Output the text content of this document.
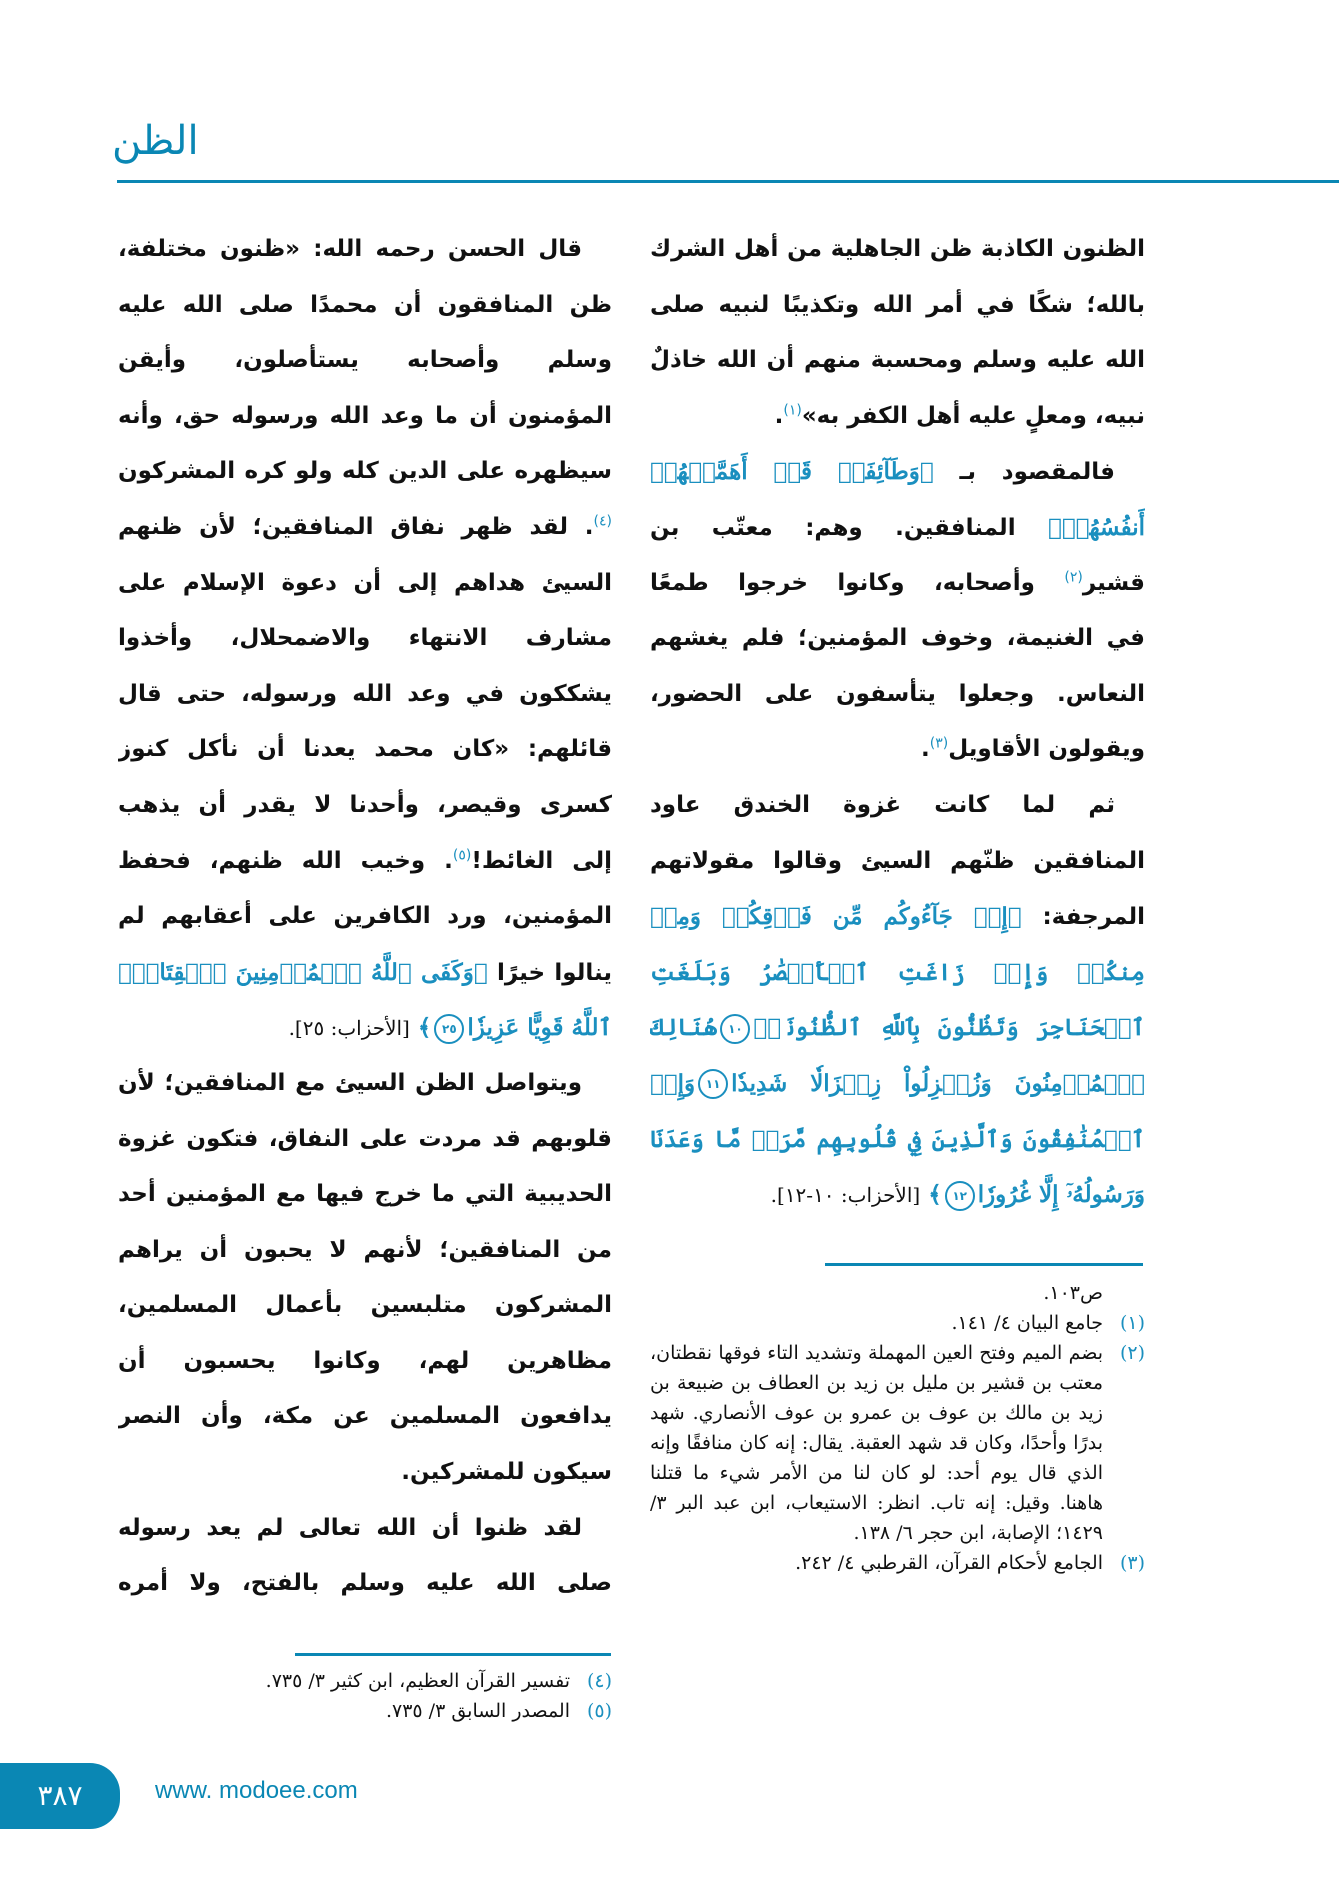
الظن
الظنون الكاذبة ظن الجاهلية من أهل الشرك
بالله؛ شكًا في أمر الله وتكذيبًا لنبيه صلى
الله عليه وسلم ومحسبة منهم أن الله خاذلٌ
نبيه، ومعلٍ عليه أهل الكفر به»$^{(١)}$.
فالمقصود بـ ﴿وَطَآئِفَةٞ قَدۡ أَهَمَّتۡهُمۡ
أَنفُسُهُمۡ﴾ المنافقين. وهم: معتّب بن
قشير$^{(٢)}$ وأصحابه، وكانوا خرجوا طمعًا
في الغنيمة، وخوف المؤمنين؛ فلم يغشهم
النعاس. وجعلوا يتأسفون على الحضور،
ويقولون الأقاويل$^{(٣)}$.
ثم لما كانت غزوة الخندق عاود
المنافقين ظنّهم السيئ وقالوا مقولاتهم
المرجفة: ﴿إِذۡ جَآءُوكُم مِّن فَوۡقِكُمۡ وَمِنۡ
مِنكُمۡ وَإِذۡ زَاغَتِ ٱلۡأَبۡصَٰرُ وَبَلَغَتِ
ٱلۡحَنَاجِرَ وَتَظُنُّونَ بِٱللَّهِ ٱلظُّنُونَا۠١٠هُنَالِكَ
ٱلۡمُؤۡمِنُونَ وَزُلۡزِلُواْ زِلۡزَالٗا شَدِيدٗا١١وَإِذۡ
ٱلۡمُنَٰفِقُونَ وَٱلَّذِينَ فِي قُلُوبِهِم مَّرَضٞ مَّا وَعَدَنَا
وَرَسُولُهُۥٓ إِلَّا غُرُورٗا١٢﴾ [الأحزاب: ١٠-١٢].
قال الحسن رحمه الله: «ظنون مختلفة،
ظن المنافقون أن محمدًا صلى الله عليه
وسلم وأصحابه يستأصلون، وأيقن
المؤمنون أن ما وعد الله ورسوله حق، وأنه
سيظهره على الدين كله ولو كره المشركون
$^{(٤)}$. لقد ظهر نفاق المنافقين؛ لأن ظنهم
السيئ هداهم إلى أن دعوة الإسلام على
مشارف الانتهاء والاضمحلال، وأخذوا
يشككون في وعد الله ورسوله، حتى قال
قائلهم: «كان محمد يعدنا أن نأكل كنوز
كسرى وقيصر، وأحدنا لا يقدر أن يذهب
إلى الغائط!$^{(٥)}$. وخيب الله ظنهم، فحفظ
المؤمنين، ورد الكافرين على أعقابهم لم
ينالوا خيرًا ﴿وَكَفَى ٱللَّهُ ٱلۡمُؤۡمِنِينَ ٱلۡقِتَالَۚ
ٱللَّهُ قَوِيًّا عَزِيزٗا٢٥﴾ [الأحزاب: ٢٥].
ويتواصل الظن السيئ مع المنافقين؛ لأن
قلوبهم قد مردت على النفاق، فتكون غزوة
الحديبية التي ما خرج فيها مع المؤمنين أحد
من المنافقين؛ لأنهم لا يحبون أن يراهم
المشركون متلبسين بأعمال المسلمين،
مظاهرين لهم، وكانوا يحسبون أن
يدافعون المسلمين عن مكة، وأن النصر
سيكون للمشركين.
لقد ظنوا أن الله تعالى لم يعد رسوله
صلى الله عليه وسلم بالفتح، ولا أمره
ص١٠٣.
(١)
جامع البيان ٤/ ١٤١.
(٢)
بضم الميم وفتح العين المهملة وتشديد التاء فوقها نقطتان، معتب بن قشير بن مليل بن زيد بن العطاف بن ضبيعة بن زيد بن مالك بن عوف بن عمرو بن عوف الأنصاري. شهد بدرًا وأحدًا، وكان قد شهد العقبة. يقال: إنه كان منافقًا وإنه الذي قال يوم أحد: لو كان لنا من الأمر شيء ما قتلنا هاهنا. وقيل: إنه تاب. انظر: الاستيعاب، ابن عبد البر ٣/ ١٤٢٩؛ الإصابة، ابن حجر ٦/ ١٣٨.
(٣)
الجامع لأحكام القرآن، القرطبي ٤/ ٢٤٢.
(٤)
تفسير القرآن العظيم، ابن كثير ٣/ ٧٣٥.
(٥)
المصدر السابق ٣/ ٧٣٥.
٣٨٧	www. modoee.com
